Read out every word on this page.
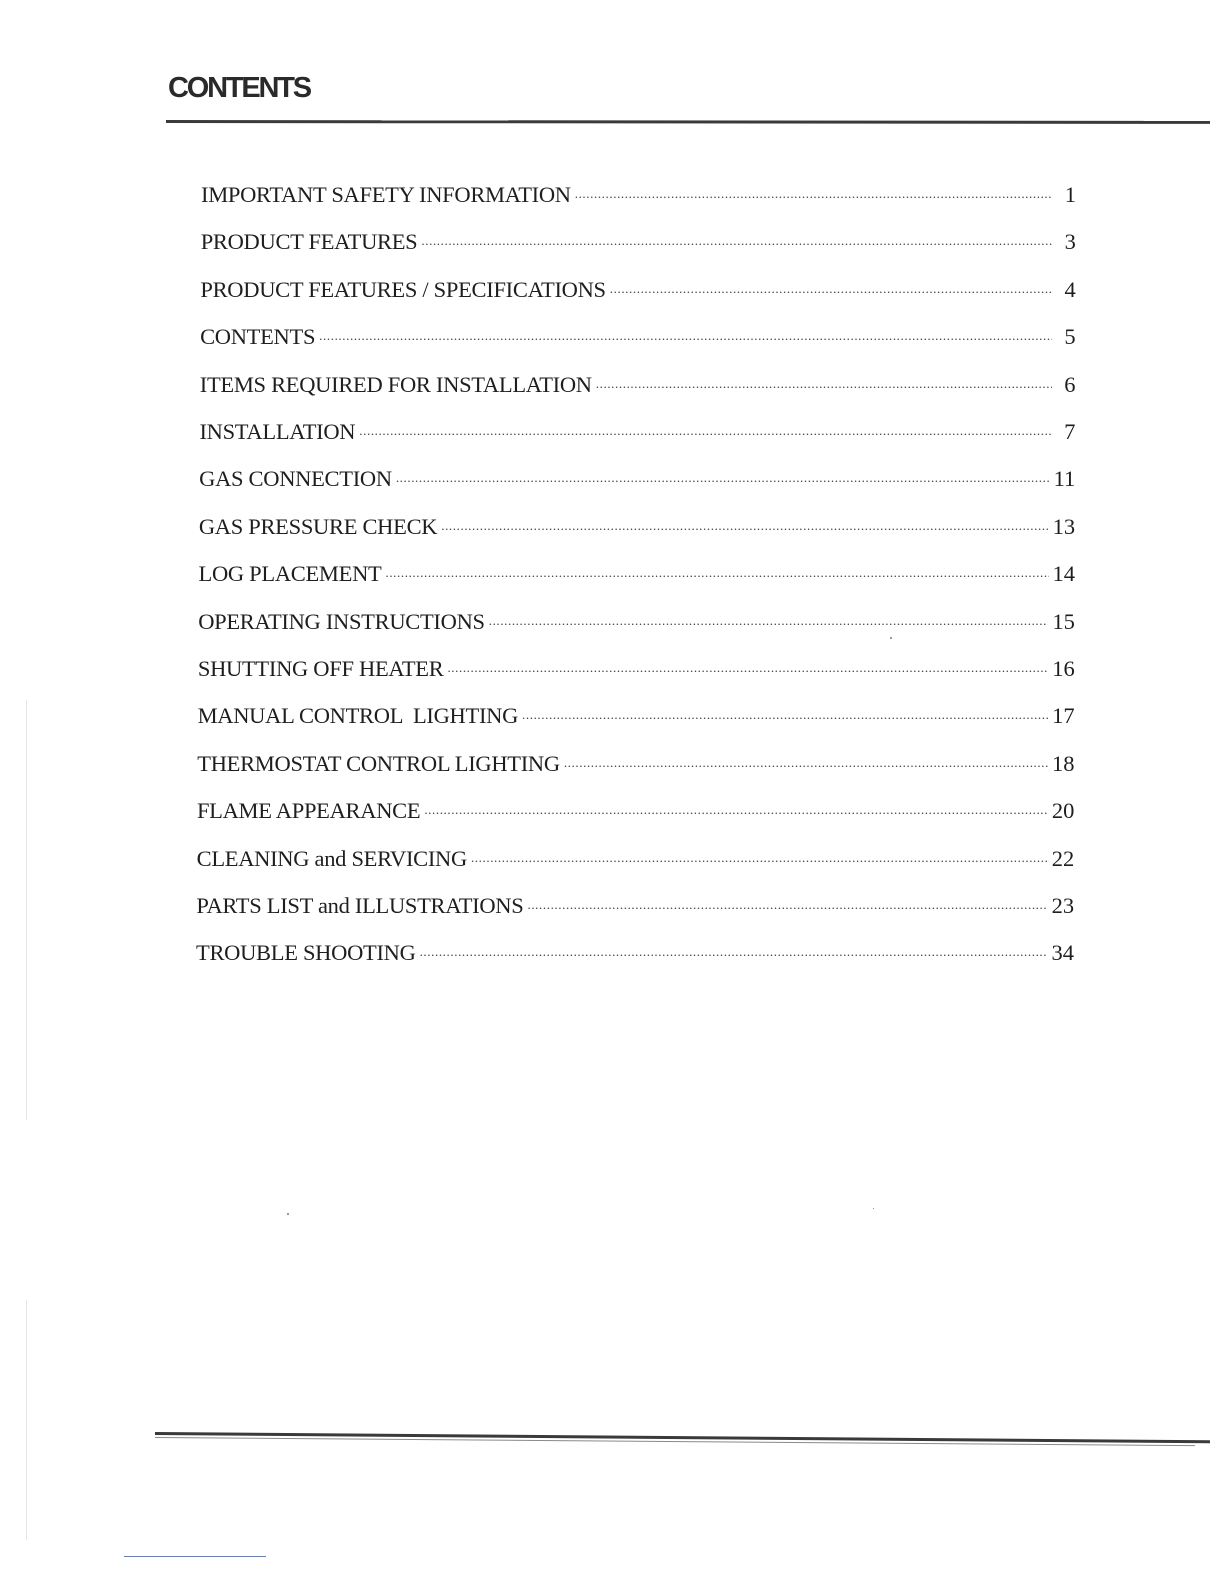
CONTENTS
IMPORTANT SAFETY INFORMATION .....	1
PRODUCT FEATURES .....	3
PRODUCT FEATURES / SPECIFICATIONS .....	4
CONTENTS .....	5
ITEMS REQUIRED FOR INSTALLATION .....	6
INSTALLATION .....	7
GAS CONNECTION .....	11
GAS PRESSURE CHECK .....	13
LOG PLACEMENT .....	14
OPERATING INSTRUCTIONS .....	15
SHUTTING OFF HEATER .....	16
MANUAL CONTROL  LIGHTING .....	17
THERMOSTAT CONTROL LIGHTING .....	18
FLAME APPEARANCE .....	20
CLEANING and SERVICING .....	22
PARTS LIST and ILLUSTRATIONS .....	23
TROUBLE SHOOTING .....	34
